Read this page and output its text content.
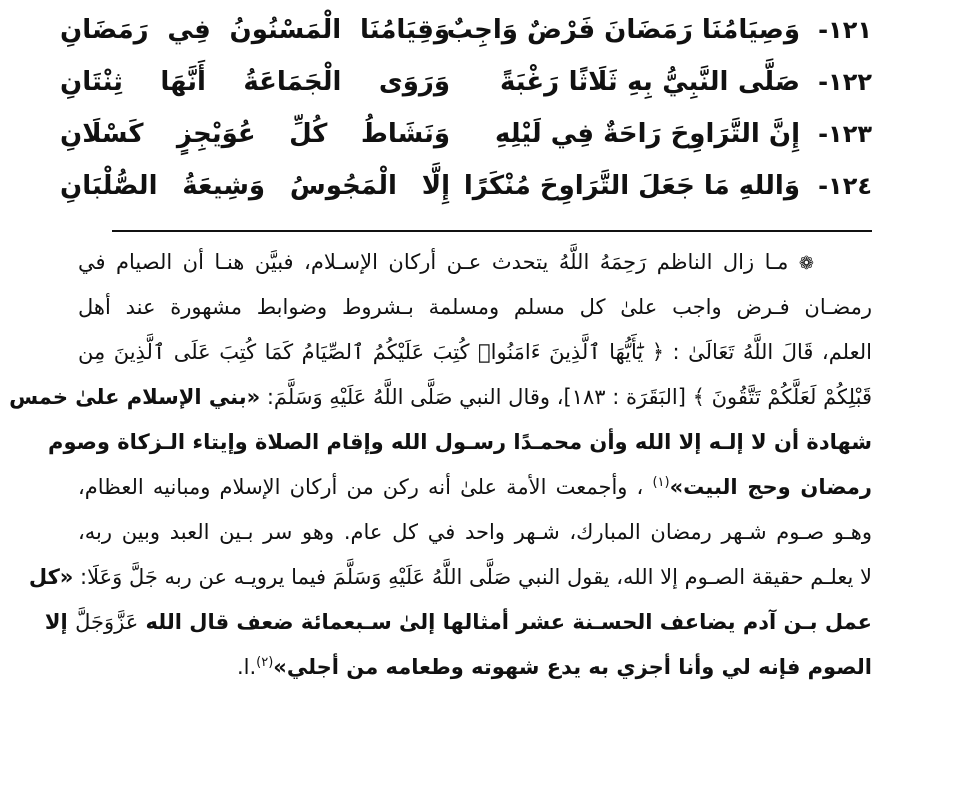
١٢١-
وَصِيَامُنَا رَمَضَانَ فَرْضٌ وَاجِبٌ
وَقِيَامُنَا الْمَسْنُونُ فِي رَمَضَانِ
١٢٢-
صَلَّى النَّبِيُّ بِهِ ثَلَاثًا رَغْبَةً
وَرَوَى الْجَمَاعَةُ أَنَّهَا ثِنْتَانِ
١٢٣-
إِنَّ التَّرَاوِحَ رَاحَةٌ فِي لَيْلِهِ
وَنَشَاطُ كُلِّ عُوَيْجِزٍ كَسْلَانِ
١٢٤-
وَاللهِ مَا جَعَلَ التَّرَاوِحَ مُنْكَرًا
إِلَّا الْمَجُوسُ وَشِيعَةُ الصُّلْبَانِ
❁ مـا زال الناظم رَحِمَهُ اللَّهُ يتحدث عـن أركان الإسـلام، فبيَّن هنـا أن الصيام في
رمضـان فـرض واجب علىٰ كل مسلم ومسلمة بـشروط وضوابط مشهورة عند أهل
العلم، قَالَ اللَّهُ تَعَالَىٰ : ﴿ يَٰٓأَيُّهَا ٱلَّذِينَ ءَامَنُوا۟ كُتِبَ عَلَيْكُمُ ٱلصِّيَامُ كَمَا كُتِبَ عَلَى ٱلَّذِينَ مِن
قَبْلِكُمْ لَعَلَّكُمْ تَتَّقُونَ ﴾ [البَقَرَة : ١٨٣]، وقال النبي صَلَّى اللَّهُ عَلَيْهِ وَسَلَّمَ: «بني الإسلام علىٰ خمس
شهادة أن لا إلـه إلا الله وأن محمـدًا رسـول الله وإقام الصلاة وإيتاء الـزكاة وصوم
رمضان وحج البيت»$^{(١)}$ ، وأجمعت الأمة علىٰ أنه ركن من أركان الإسلام ومبانيه العظام،
وهـو صـوم شـهر رمضان المبارك، شـهر واحد في كل عام. وهو سر بـين العبد وبين ربه،
لا يعلـم حقيقة الصـوم إلا الله، يقول النبي صَلَّى اللَّهُ عَلَيْهِ وَسَلَّمَ فيما يرويـه عن ربه جَلَّ وَعَلَا: «كل
عمل بـن آدم يضاعف الحسـنة عشر أمثالها إلىٰ سـبعمائة ضعف قال الله عَزَّوَجَلَّ إلا
الصوم فإنه لي وأنا أجزي به يدع شهوته وطعامه من أجلي»$^{(٢)}$.ا.
